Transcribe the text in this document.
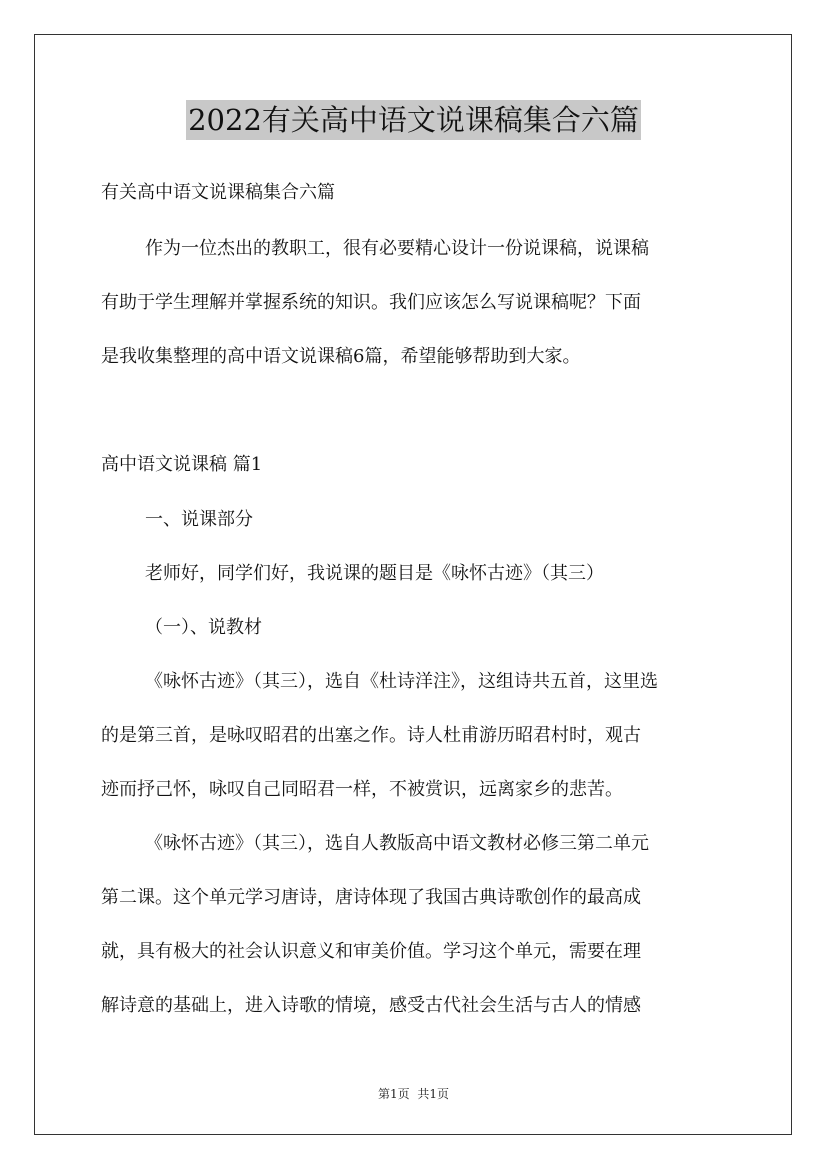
2022有关高中语文说课稿集合六篇
有关高中语文说课稿集合六篇
作为一位杰出的教职工，很有必要精心设计一份说课稿，说课稿
有助于学生理解并掌握系统的知识。我们应该怎么写说课稿呢？下面
是我收集整理的高中语文说课稿6篇，希望能够帮助到大家。
高中语文说课稿 篇1
一、说课部分
老师好，同学们好，我说课的题目是《咏怀古迹》（其三）
（一）、说教材
《咏怀古迹》（其三），选自《杜诗洋注》，这组诗共五首，这里选
的是第三首，是咏叹昭君的出塞之作。诗人杜甫游历昭君村时，观古
迹而抒己怀，咏叹自己同昭君一样，不被赏识，远离家乡的悲苦。
《咏怀古迹》（其三），选自人教版高中语文教材必修三第二单元
第二课。这个单元学习唐诗，唐诗体现了我国古典诗歌创作的最高成
就，具有极大的社会认识意义和审美价值。学习这个单元，需要在理
解诗意的基础上，进入诗歌的情境，感受古代社会生活与古人的情感
第1页 共1页
